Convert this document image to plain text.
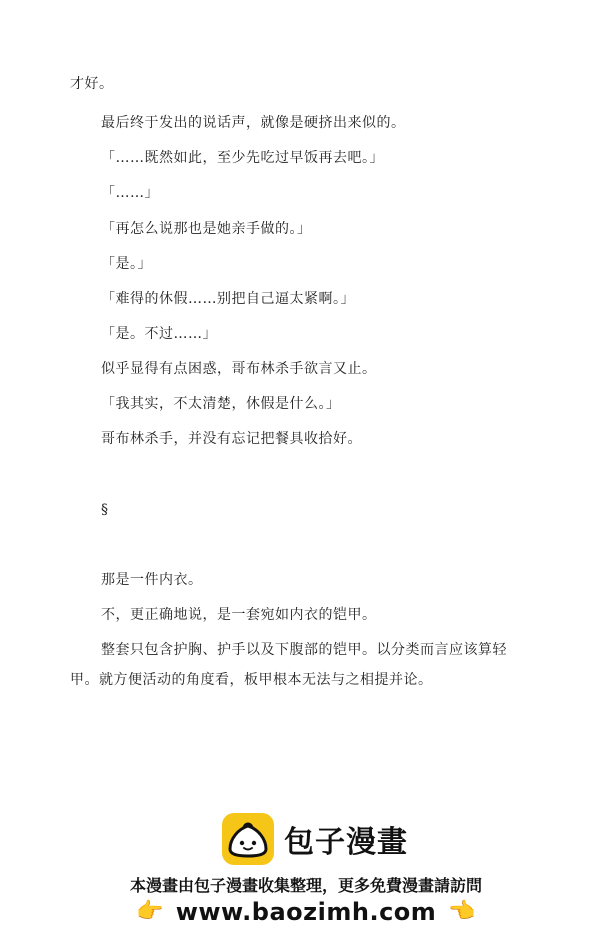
才好。
最后终于发出的说话声，就像是硬挤出来似的。
「……既然如此，至少先吃过早饭再去吧。」
「……」
「再怎么说那也是她亲手做的。」
「是。」
「难得的休假……别把自己逼太紧啊。」
「是。不过……」
似乎显得有点困惑，哥布林杀手欲言又止。
「我其实，不太清楚，休假是什么。」
哥布林杀手，并没有忘记把餐具收拾好。
§
那是一件内衣。
不，更正确地说，是一套宛如内衣的铠甲。
整套只包含护胸、护手以及下腹部的铠甲。以分类而言应该算轻
甲。就方便活动的角度看，板甲根本无法与之相提并论。
包子漫畫
本漫畫由包子漫畫收集整理，更多免費漫畫請訪問
👉 www.baozimh.com 👈
